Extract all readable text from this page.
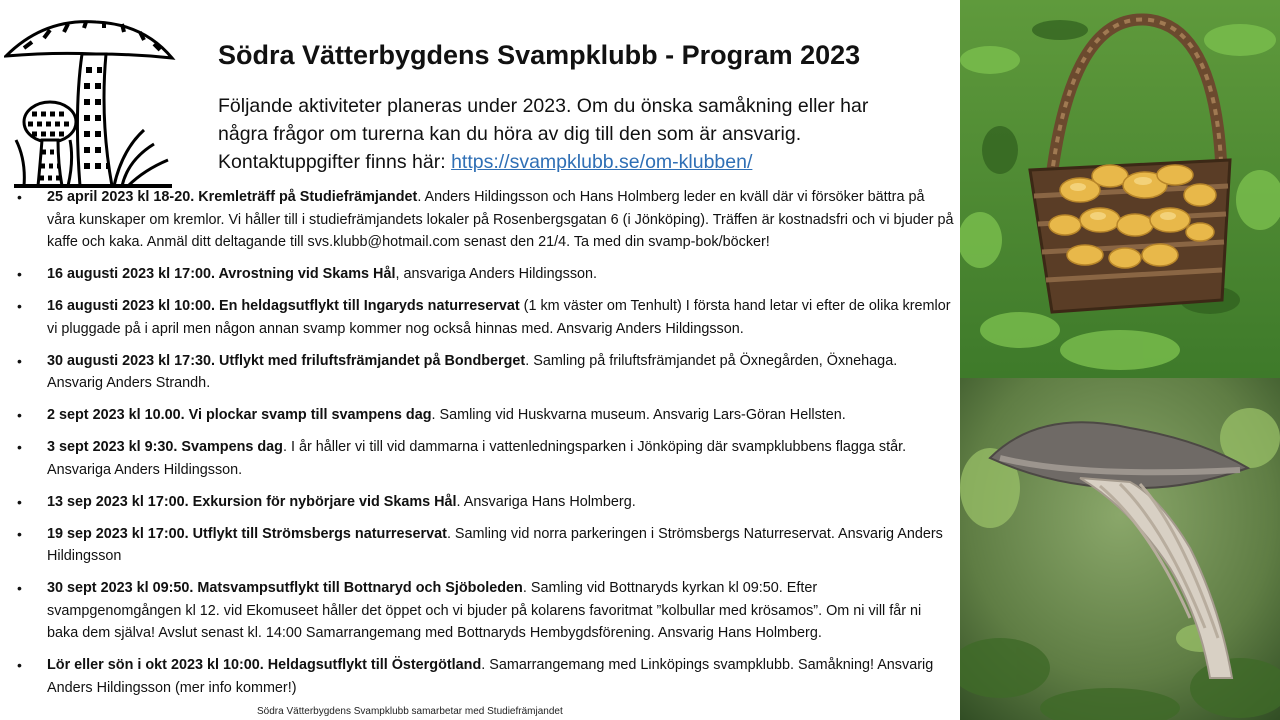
Södra Vätterbygdens Svampklubb - Program 2023
Följande aktiviteter planeras under 2023. Om du önska samåkning eller har några frågor om turerna kan du höra av dig till den som är ansvarig. Kontaktuppgifter finns här: https://svampklubb.se/om-klubben/
• 25 april 2023 kl 18-20. Kremleträff på Studiefrämjandet. Anders Hildingsson och Hans Holmberg leder en kväll där vi försöker bättra på våra kunskaper om kremlor. Vi håller till i studiefrämjandets lokaler på Rosenbergsgatan 6 (i Jönköping). Träffen är kostnadsfri och vi bjuder på kaffe och kaka. Anmäl ditt deltagande till svs.klubb@hotmail.com senast den 21/4. Ta med din svamp-bok/böcker!
• 16 augusti 2023 kl 17:00. Avrostning vid Skams Hål, ansvariga Anders Hildingsson.
• 16 augusti 2023 kl 10:00. En heldagsutflykt till Ingaryds naturreservat (1 km väster om Tenhult) I första hand letar vi efter de olika kremlor vi pluggade på i april men någon annan svamp kommer nog också hinnas med. Ansvarig Anders Hildingsson.
• 30 augusti 2023 kl 17:30. Utflykt med friluftsfrämjandet på Bondberget. Samling på friluftsfrämjandet på Öxnegården, Öxnehaga. Ansvarig Anders Strandh.
• 2 sept 2023 kl 10.00. Vi plockar svamp till svampens dag. Samling vid Huskvarna museum. Ansvarig Lars-Göran Hellsten.
• 3 sept 2023 kl 9:30. Svampens dag. I år håller vi till vid dammarna i vattenledningsparken i Jönköping där svampklubbens flagga står. Ansvariga Anders Hildingsson.
• 13 sep 2023 kl 17:00. Exkursion för nybörjare vid Skams Hål. Ansvariga Hans Holmberg.
• 19 sep 2023 kl 17:00. Utflykt till Strömsbergs naturreservat. Samling vid norra parkeringen i Strömsbergs Naturreservat. Ansvarig Anders Hildingsson
• 30 sept 2023 kl 09:50. Matsvampsutflykt till Bottnaryd och Sjöboleden. Samling vid Bottnaryds kyrkan kl 09:50. Efter svampgenomgången kl 12. vid Ekomuseet håller det öppet och vi bjuder på kolarens favoritmat ”kolbullar med krösamos”. Om ni vill får ni baka dem själva! Avslut senast kl. 14:00 Samarrangemang med Bottnaryds Hembygdsförening. Ansvarig Hans Holmberg.
• Lör eller sön i okt 2023 kl 10:00. Heldagsutflykt till Östergötland. Samarrangemang med Linköpings svampklubb. Samåkning! Ansvarig Anders Hildingsson (mer info kommer!)
Södra Vätterbygdens Svampklubb samarbetar med Studiefrämjandet
